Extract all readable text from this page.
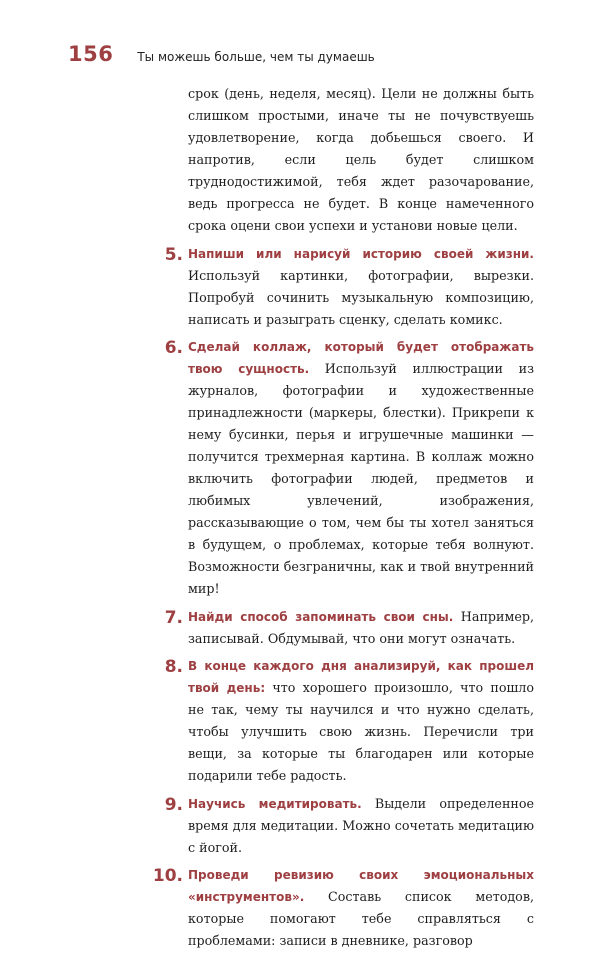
156 Ты можешь больше, чем ты думаешь

срок (день, неделя, месяц). Цели не должны быть слишком простыми, иначе ты не почувствуешь удовлетворение, когда добьешься своего. И напротив, если цель будет слишком труднодостижимой, тебя ждет разочарование, ведь прогресса не будет. В конце намеченного срока оцени свои успехи и установи новые цели.

5. Напиши или нарисуй историю своей жизни. Используй картинки, фотографии, вырезки. Попробуй сочинить музыкальную композицию, написать и разыграть сценку, сделать комикс.

6. Сделай коллаж, который будет отображать твою сущность. Используй иллюстрации из журналов, фотографии и художественные принадлежности (маркеры, блестки). Прикрепи к нему бусинки, перья и игрушечные машинки — получится трехмерная картина. В коллаж можно включить фотографии людей, предметов и любимых увлечений, изображения, рассказывающие о том, чем бы ты хотел заняться в будущем, о проблемах, которые тебя волнуют. Возможности безграничны, как и твой внутренний мир!

7. Найди способ запоминать свои сны. Например, записывай. Обдумывай, что они могут означать.

8. В конце каждого дня анализируй, как прошел твой день: что хорошего произошло, что пошло не так, чему ты научился и что нужно сделать, чтобы улучшить свою жизнь. Перечисли три вещи, за которые ты благодарен или которые подарили тебе радость.

9. Научись медитировать. Выдели определенное время для медитации. Можно сочетать медитацию с йогой.

10. Проведи ревизию своих эмоциональных «инструментов». Составь список методов, которые помогают тебе справляться с проблемами: записи в дневнике, разговор
